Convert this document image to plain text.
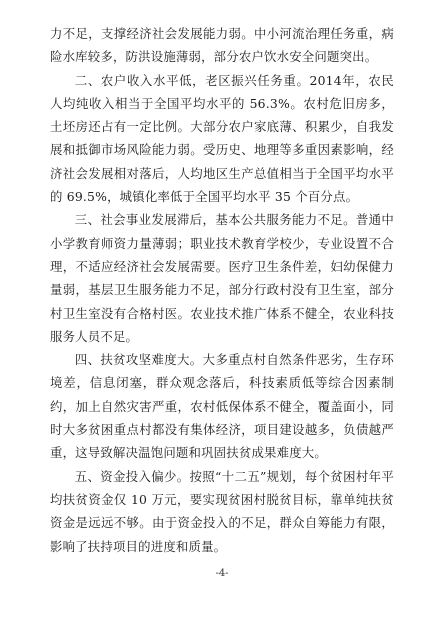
力不足，支撑经济社会发展能力弱。中小河流治理任务重，病险水库较多，防洪设施薄弱，部分农户饮水安全问题突出。

二、农户收入水平低，老区振兴任务重。2014年，农民人均纯收入相当于全国平均水平的 56.3%。农村危旧房多，土坯房还占有一定比例。大部分农户家底薄、积累少，自我发展和抵御市场风险能力弱。受历史、地理等多重因素影响，经济社会发展相对落后，人均地区生产总值相当于全国平均水平的 69.5%，城镇化率低于全国平均水平 35 个百分点。

三、社会事业发展滞后，基本公共服务能力不足。普通中小学教育师资力量薄弱；职业技术教育学校少，专业设置不合理，不适应经济社会发展需要。医疗卫生条件差，妇幼保健力量弱，基层卫生服务能力不足，部分行政村没有卫生室，部分村卫生室没有合格村医。农业技术推广体系不健全，农业科技服务人员不足。

四、扶贫攻坚难度大。大多重点村自然条件恶劣，生存环境差，信息闭塞，群众观念落后，科技素质低等综合因素制约，加上自然灾害严重，农村低保体系不健全，覆盖面小，同时大多贫困重点村都没有集体经济，项目建设越多，负债越严重，这导致解决温饱问题和巩固扶贫成果难度大。

五、资金投入偏少。按照“十二五”规划，每个贫困村年平均扶贫资金仅 10 万元，要实现贫困村脱贫目标，靠单纯扶贫资金是远远不够。由于资金投入的不足，群众自筹能力有限，影响了扶持项目的进度和质量。

-4-
